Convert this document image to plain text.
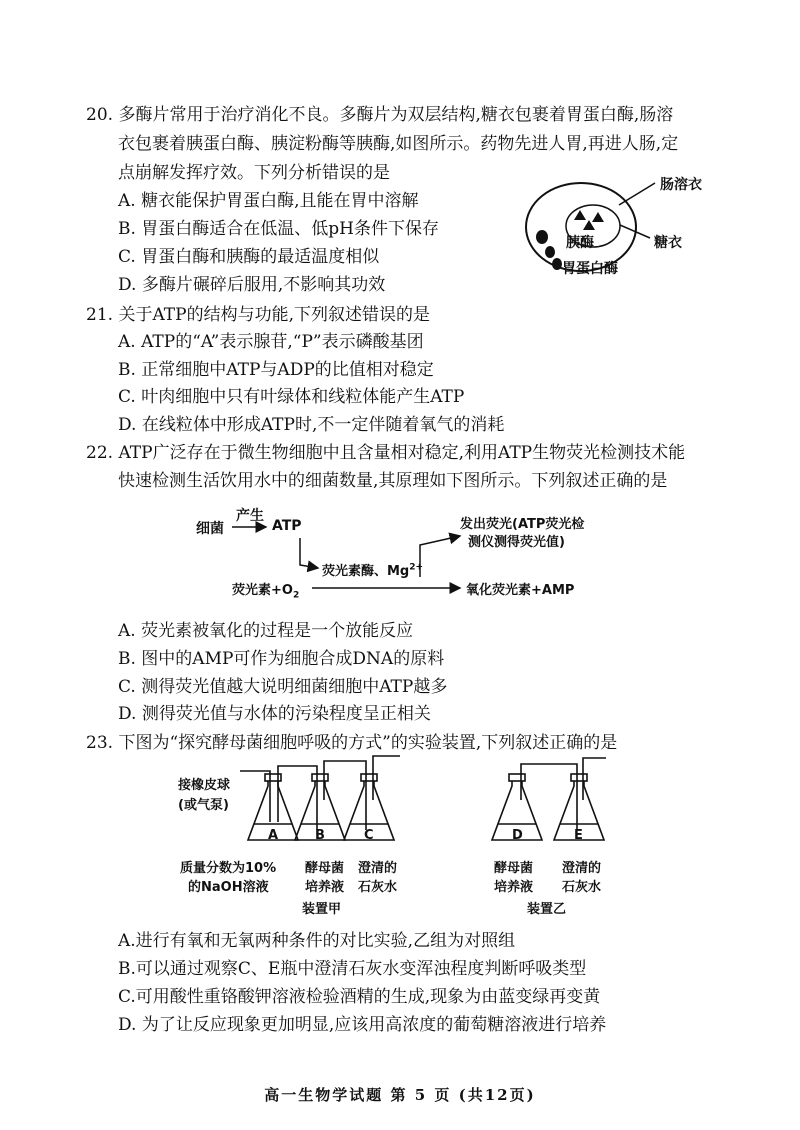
20. 多酶片常用于治疗消化不良。多酶片为双层结构,糖衣包裹着胃蛋白酶,肠溶
衣包裹着胰蛋白酶、胰淀粉酶等胰酶,如图所示。药物先进人胃,再进人肠,定
点崩解发挥疗效。下列分析错误的是
A. 糖衣能保护胃蛋白酶,且能在胃中溶解
B. 胃蛋白酶适合在低温、低pH条件下保存
C. 胃蛋白酶和胰酶的最适温度相似
D. 多酶片碾碎后服用,不影响其功效
肠溶衣
糖衣
胰酶
胃蛋白酶
21. 关于ATP的结构与功能,下列叙述错误的是
A. ATP的“A”表示腺苷,“P”表示磷酸基团
B. 正常细胞中ATP与ADP的比值相对稳定
C. 叶肉细胞中只有叶绿体和线粒体能产生ATP
D. 在线粒体中形成ATP时,不一定伴随着氧气的消耗
22. ATP广泛存在于微生物细胞中且含量相对稳定,利用ATP生物荧光检测技术能
快速检测生活饮用水中的细菌数量,其原理如下图所示。下列叙述正确的是
细菌
产生
ATP	发出荧光(ATP荧光检
测仪测得荧光值)
荧光素酶、$Mg^{2+}$
荧光素$+O_2$	氧化荧光素+AMP
A. 荧光素被氧化的过程是一个放能反应
B. 图中的AMP可作为细胞合成DNA的原料
C. 测得荧光值越大说明细菌细胞中ATP越多
D. 测得荧光值与水体的污染程度呈正相关
23. 下图为“探究酵母菌细胞呼吸的方式”的实验装置,下列叙述正确的是
接橡皮球
(或气泵)
A	B	C	D	E
质量分数为10%
的NaOH溶液
酵母菌
培养液
澄清的
石灰水
装置甲
酵母菌
培养液
澄清的
石灰水
装置乙
A.进行有氧和无氧两种条件的对比实验,乙组为对照组
B.可以通过观察C、E瓶中澄清石灰水变浑浊程度判断呼吸类型
C.可用酸性重铬酸钾溶液检验酒精的生成,现象为由蓝变绿再变黄
D. 为了让反应现象更加明显,应该用高浓度的葡萄糖溶液进行培养
高一生物学试题 第 5 页 (共12页)
